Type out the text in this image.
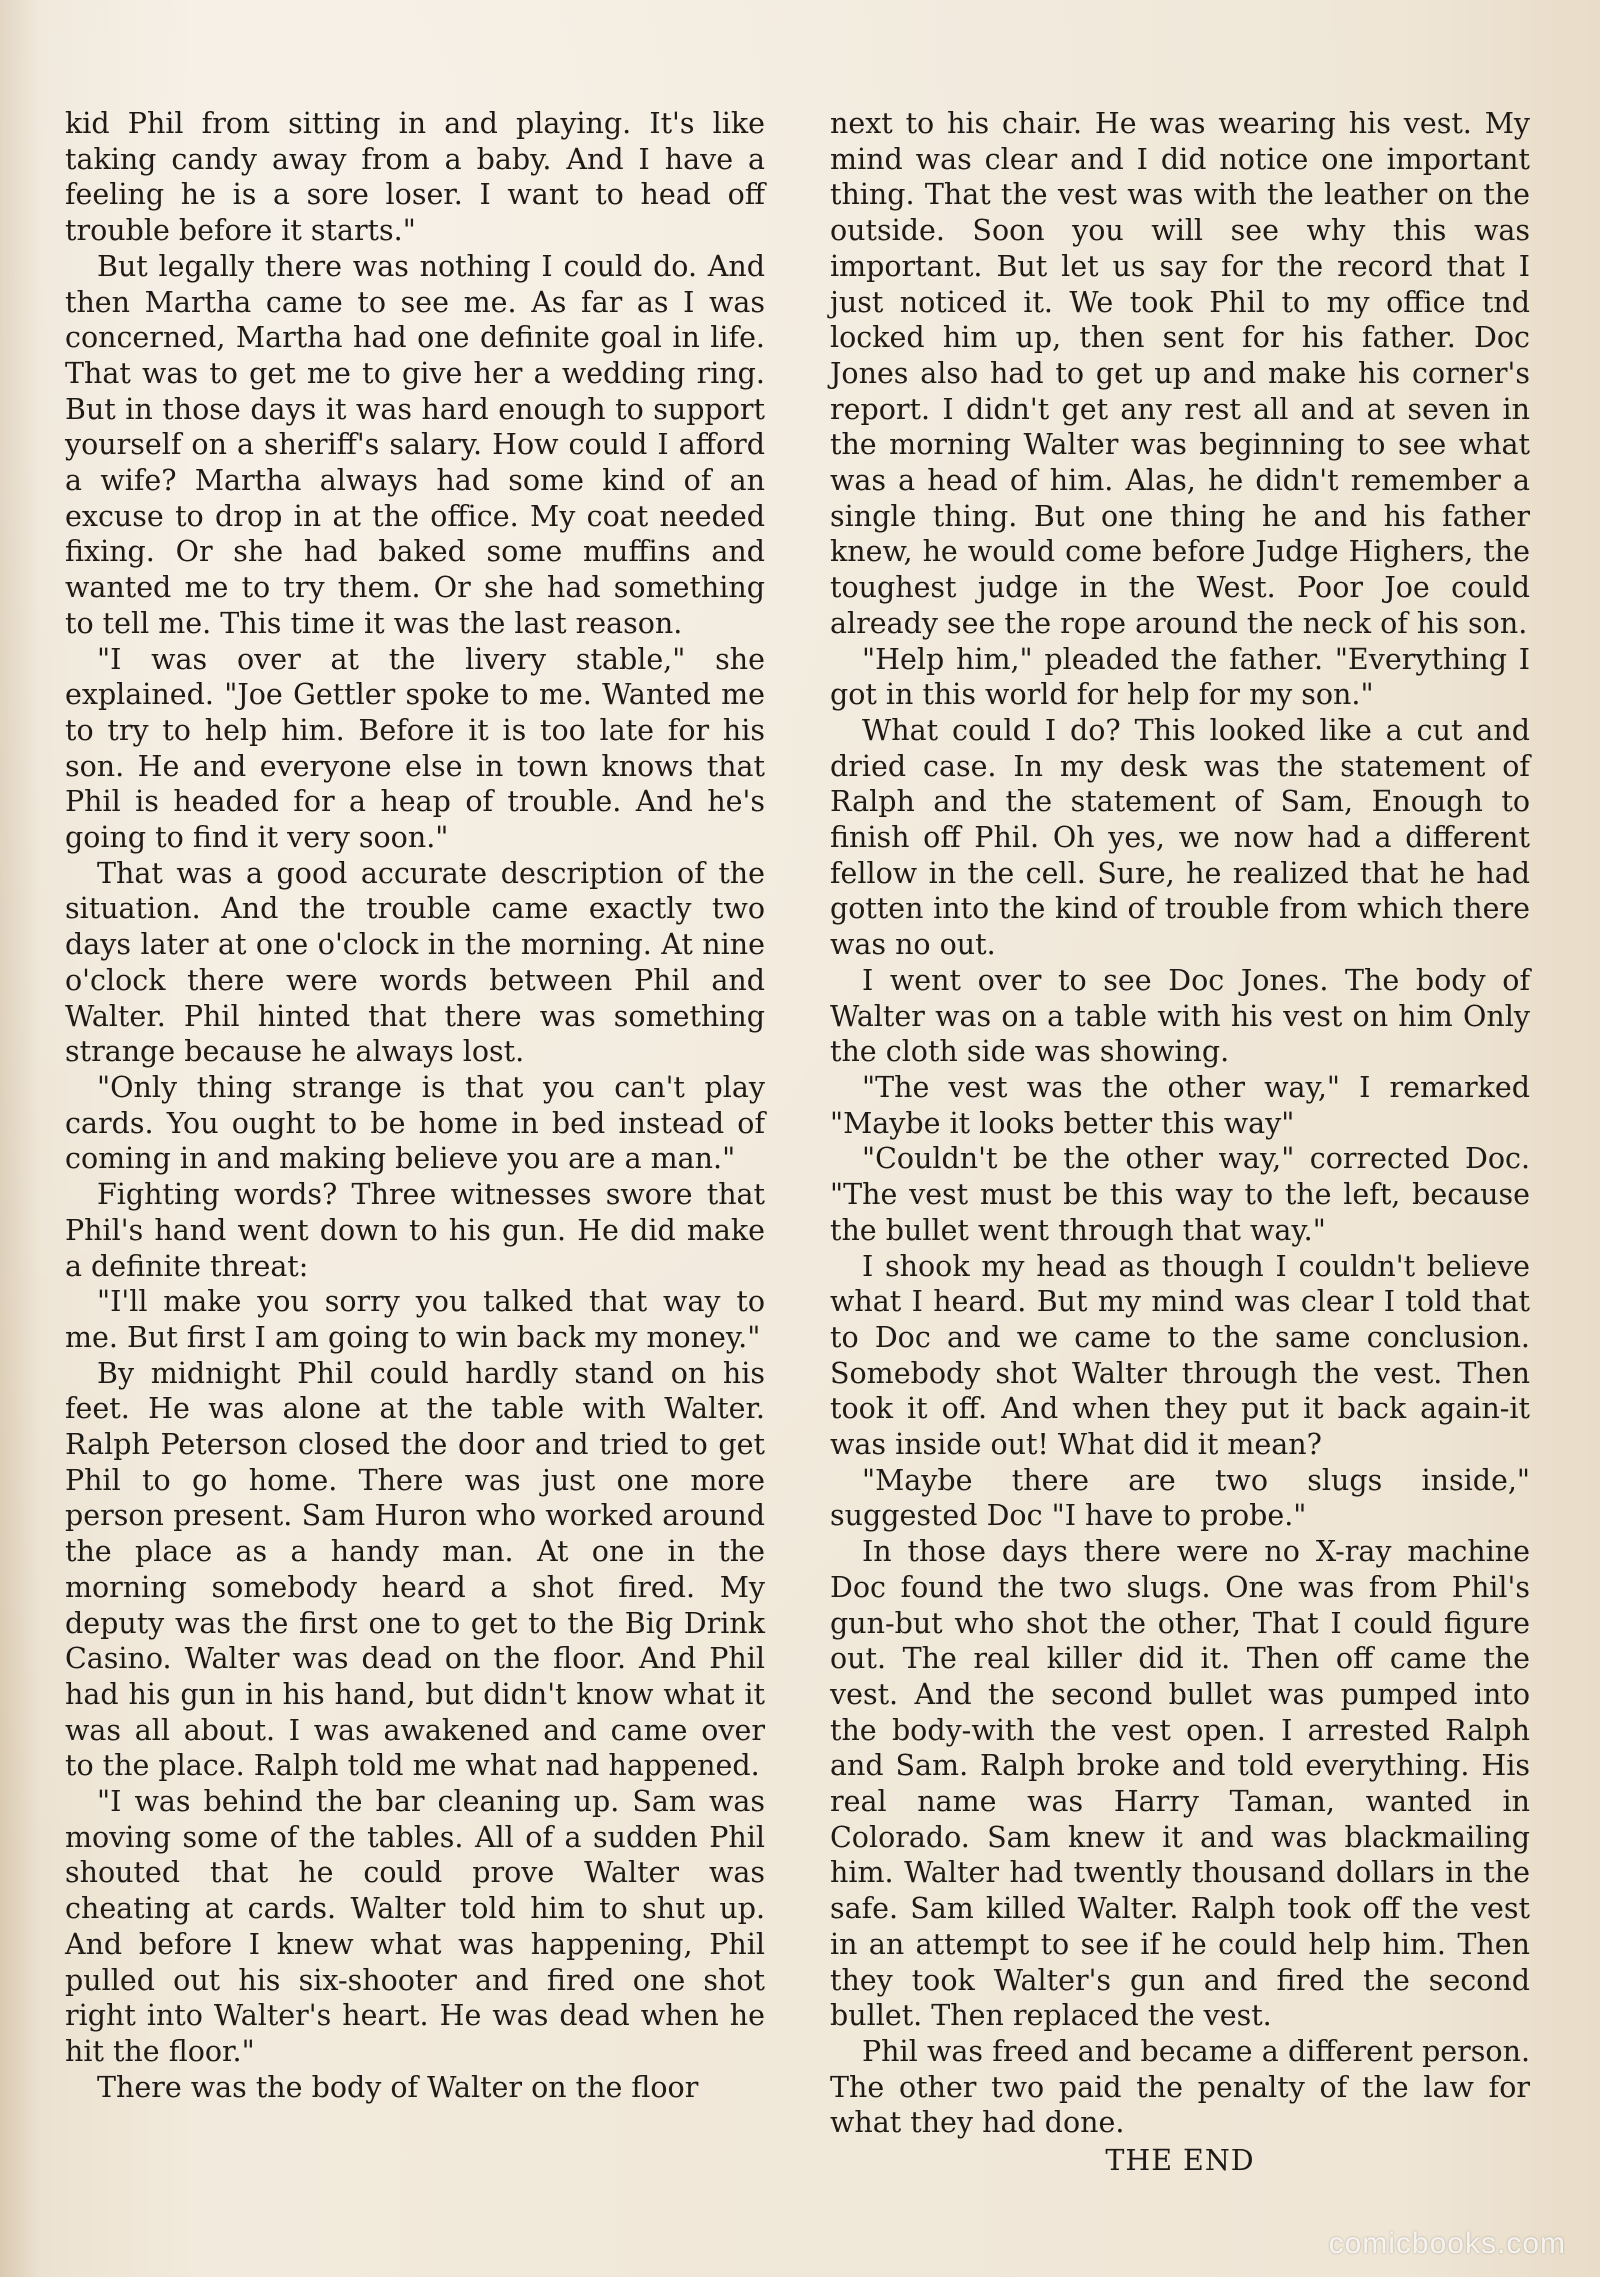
kid Phil from sitting in and playing. It's like taking candy away from a baby. And I have a feeling he is a sore loser. I want to head off trouble before it starts."

But legally there was nothing I could do. And then Martha came to see me. As far as I was concerned, Martha had one definite goal in life. That was to get me to give her a wedding ring. But in those days it was hard enough to support yourself on a sheriff's salary. How could I afford a wife? Martha always had some kind of an excuse to drop in at the office. My coat needed fixing. Or she had baked some muffins and wanted me to try them. Or she had something to tell me. This time it was the last reason.

"I was over at the livery stable," she explained. "Joe Gettler spoke to me. Wanted me to try to help him. Before it is too late for his son. He and everyone else in town knows that Phil is headed for a heap of trouble. And he's going to find it very soon."

That was a good accurate description of the situation. And the trouble came exactly two days later at one o'clock in the morning. At nine o'clock there were words between Phil and Walter. Phil hinted that there was something strange because he always lost.

"Only thing strange is that you can't play cards. You ought to be home in bed instead of coming in and making believe you are a man."

Fighting words? Three witnesses swore that Phil's hand went down to his gun. He did make a definite threat:

"I'll make you sorry you talked that way to me. But first I am going to win back my money."

By midnight Phil could hardly stand on his feet. He was alone at the table with Walter. Ralph Peterson closed the door and tried to get Phil to go home. There was just one more person present. Sam Huron who worked around the place as a handy man. At one in the morning somebody heard a shot fired. My deputy was the first one to get to the Big Drink Casino. Walter was dead on the floor. And Phil had his gun in his hand, but didn't know what it was all about. I was awakened and came over to the place. Ralph told me what nad happened.

"I was behind the bar cleaning up. Sam was moving some of the tables. All of a sudden Phil shouted that he could prove Walter was cheating at cards. Walter told him to shut up. And before I knew what was happening, Phil pulled out his six-shooter and fired one shot right into Walter's heart. He was dead when he hit the floor."

There was the body of Walter on the floor

next to his chair. He was wearing his vest. My mind was clear and I did notice one important thing. That the vest was with the leather on the outside. Soon you will see why this was important. But let us say for the record that I just noticed it. We took Phil to my office tnd locked him up, then sent for his father. Doc Jones also had to get up and make his corner's report. I didn't get any rest all and at seven in the morning Walter was beginning to see what was a head of him. Alas, he didn't remember a single thing. But one thing he and his father knew, he would come before Judge Highers, the toughest judge in the West. Poor Joe could already see the rope around the neck of his son.

"Help him," pleaded the father. "Everything I got in this world for help for my son."

What could I do? This looked like a cut and dried case. In my desk was the statement of Ralph and the statement of Sam, Enough to finish off Phil. Oh yes, we now had a different fellow in the cell. Sure, he realized that he had gotten into the kind of trouble from which there was no out.

I went over to see Doc Jones. The body of Walter was on a table with his vest on him Only the cloth side was showing.

"The vest was the other way," I remarked "Maybe it looks better this way"

"Couldn't be the other way," corrected Doc. "The vest must be this way to the left, because the bullet went through that way."

I shook my head as though I couldn't believe what I heard. But my mind was clear I told that to Doc and we came to the same conclusion. Somebody shot Walter through the vest. Then took it off. And when they put it back again-it was inside out! What did it mean?

"Maybe there are two slugs inside," suggested Doc "I have to probe."

In those days there were no X-ray machine Doc found the two slugs. One was from Phil's gun-but who shot the other, That I could figure out. The real killer did it. Then off came the vest. And the second bullet was pumped into the body-with the vest open. I arrested Ralph and Sam. Ralph broke and told everything. His real name was Harry Taman, wanted in Colorado. Sam knew it and was blackmailing him. Walter had twently thousand dollars in the safe. Sam killed Walter. Ralph took off the vest in an attempt to see if he could help him. Then they took Walter's gun and fired the second bullet. Then replaced the vest.

Phil was freed and became a different person. The other two paid the penalty of the law for what they had done.

THE END
comicbooks.com
